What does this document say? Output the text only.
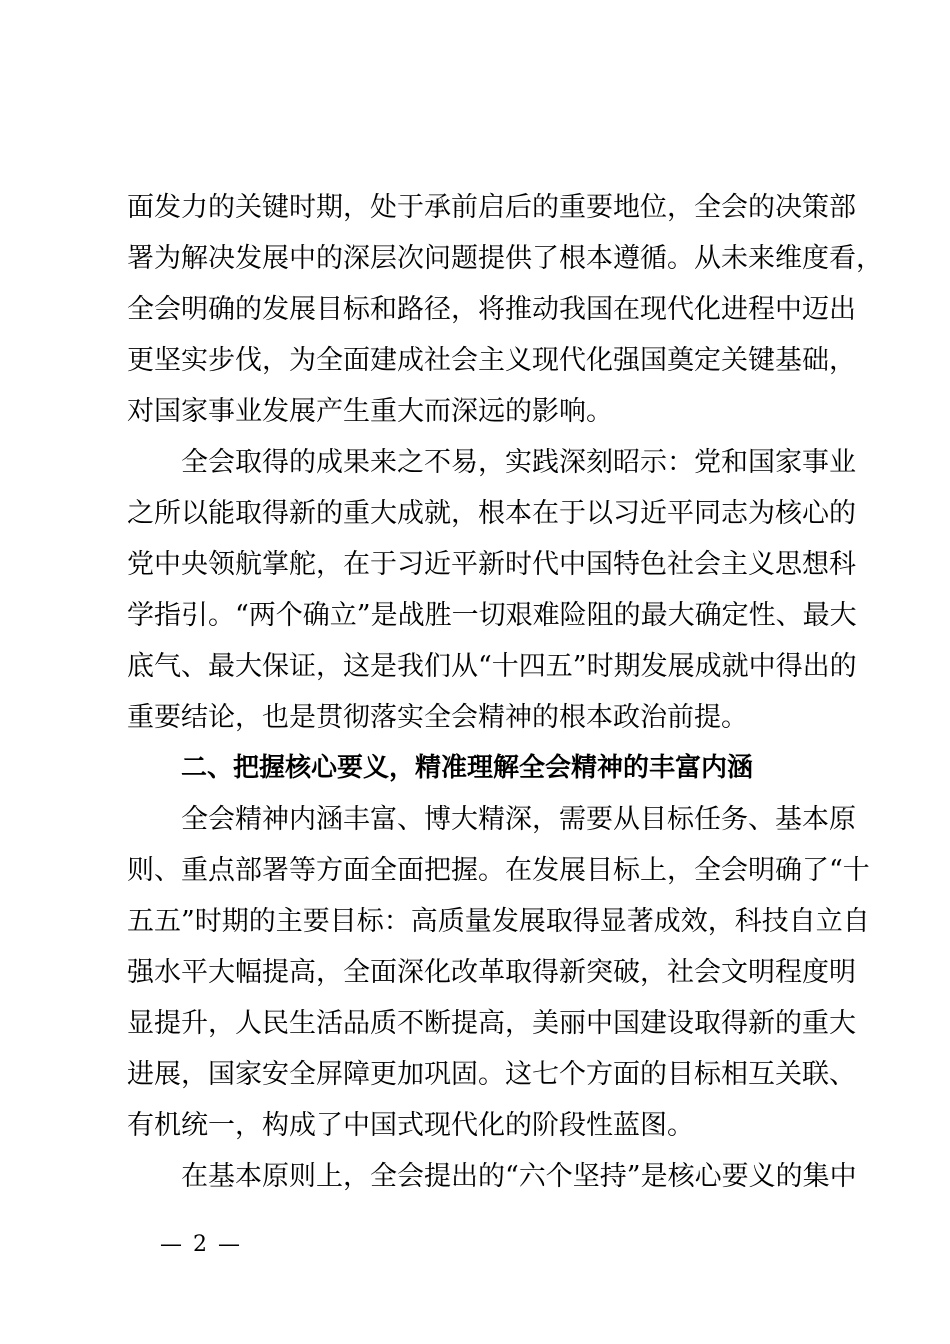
面发力的关键时期，处于承前启后的重要地位，全会的决策部
署为解决发展中的深层次问题提供了根本遵循。从未来维度看，
全会明确的发展目标和路径，将推动我国在现代化进程中迈出
更坚实步伐，为全面建成社会主义现代化强国奠定关键基础，
对国家事业发展产生重大而深远的影响。
全会取得的成果来之不易，实践深刻昭示：党和国家事业
之所以能取得新的重大成就，根本在于以习近平同志为核心的
党中央领航掌舵，在于习近平新时代中国特色社会主义思想科
学指引。“两个确立”是战胜一切艰难险阻的最大确定性、最大
底气、最大保证，这是我们从“十四五”时期发展成就中得出的
重要结论，也是贯彻落实全会精神的根本政治前提。
二、把握核心要义，精准理解全会精神的丰富内涵
全会精神内涵丰富、博大精深，需要从目标任务、基本原
则、重点部署等方面全面把握。在发展目标上，全会明确了“十
五五”时期的主要目标：高质量发展取得显著成效，科技自立自
强水平大幅提高，全面深化改革取得新突破，社会文明程度明
显提升，人民生活品质不断提高，美丽中国建设取得新的重大
进展，国家安全屏障更加巩固。这七个方面的目标相互关联、
有机统一，构成了中国式现代化的阶段性蓝图。
在基本原则上，全会提出的“六个坚持”是核心要义的集中
— 2 —
